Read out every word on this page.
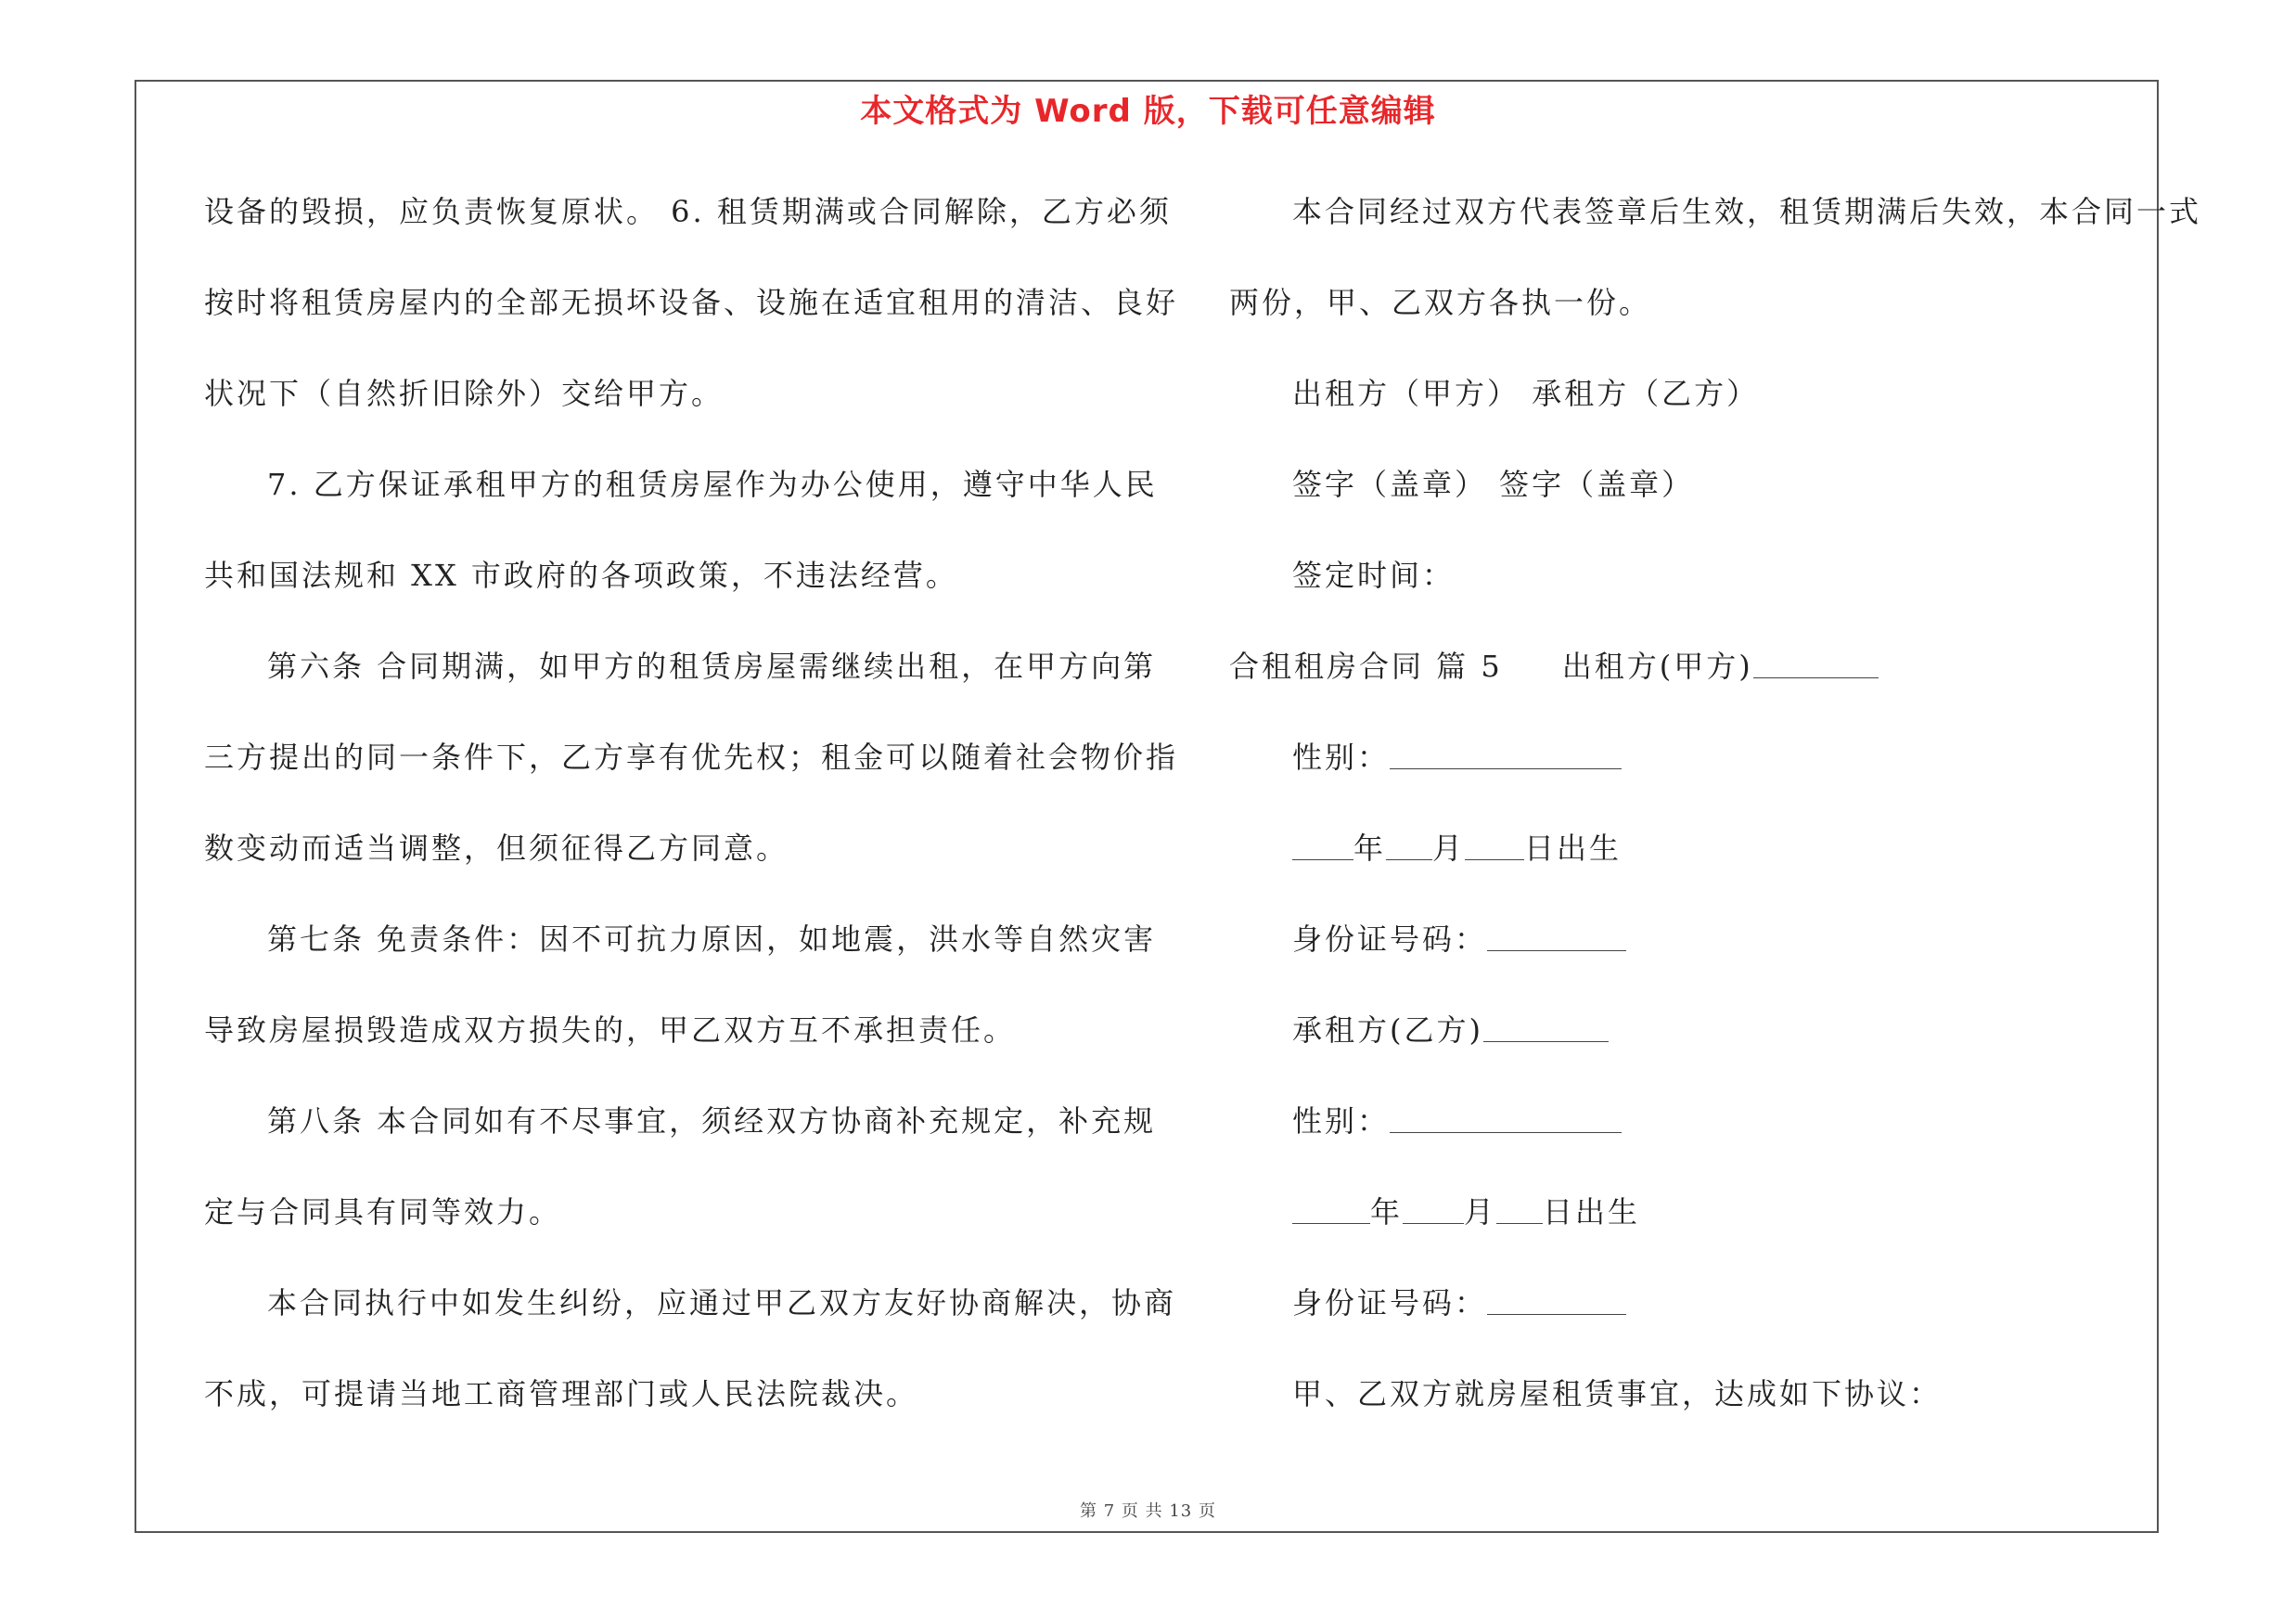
本文格式为 Word 版，下载可任意编辑
设备的毁损，应负责恢复原状。 6. 租赁期满或合同解除，乙方必须
按时将租赁房屋内的全部无损坏设备、设施在适宜租用的清洁、良好
状况下（自然折旧除外）交给甲方。
7. 乙方保证承租甲方的租赁房屋作为办公使用，遵守中华人民
共和国法规和 XX 市政府的各项政策，不违法经营。
第六条 合同期满，如甲方的租赁房屋需继续出租，在甲方向第
三方提出的同一条件下，乙方享有优先权；租金可以随着社会物价指
数变动而适当调整，但须征得乙方同意。
第七条 免责条件：因不可抗力原因，如地震，洪水等自然灾害
导致房屋损毁造成双方损失的，甲乙双方互不承担责任。
第八条 本合同如有不尽事宜，须经双方协商补充规定，补充规
定与合同具有同等效力。
本合同执行中如发生纠纷，应通过甲乙双方友好协商解决，协商
不成，可提请当地工商管理部门或人民法院裁决。
本合同经过双方代表签章后生效，租赁期满后失效，本合同一式
两份，甲、乙双方各执一份。
出租方（甲方） 承租方（乙方）
签字（盖章） 签字（盖章）
签定时间：
合租租房合同 篇 5 出租方(甲方)
性别：
年 月 日出生
身份证号码：
承租方(乙方)
性别：
年 月 日出生
身份证号码：
甲、乙双方就房屋租赁事宜，达成如下协议：
第 7 页 共 13 页
